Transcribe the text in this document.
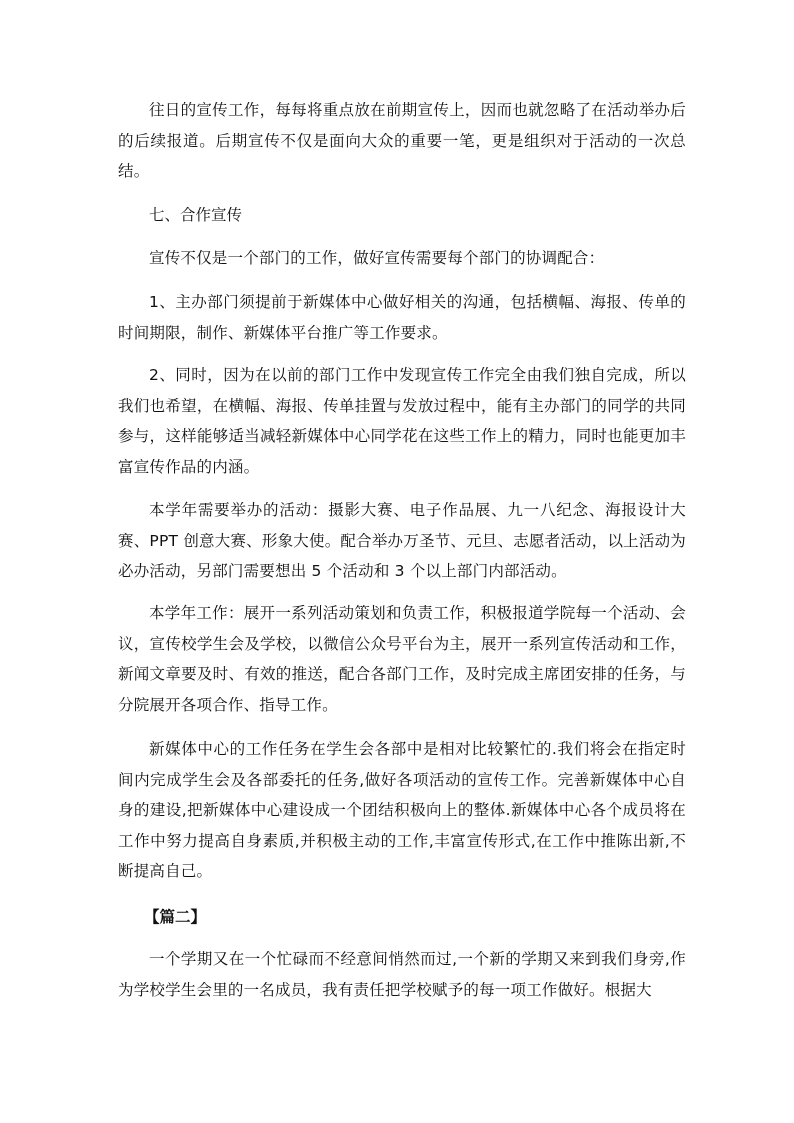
往日的宣传工作，每每将重点放在前期宣传上，因而也就忽略了在活动举办后的后续报道。后期宣传不仅是面向大众的重要一笔，更是组织对于活动的一次总结。

七、合作宣传

宣传不仅是一个部门的工作，做好宣传需要每个部门的协调配合：

1、主办部门须提前于新媒体中心做好相关的沟通，包括横幅、海报、传单的时间期限，制作、新媒体平台推广等工作要求。

2、同时，因为在以前的部门工作中发现宣传工作完全由我们独自完成，所以我们也希望，在横幅、海报、传单挂置与发放过程中，能有主办部门的同学的共同参与，这样能够适当减轻新媒体中心同学花在这些工作上的精力，同时也能更加丰富宣传作品的内涵。

本学年需要举办的活动：摄影大赛、电子作品展、九一八纪念、海报设计大赛、PPT 创意大赛、形象大使。配合举办万圣节、元旦、志愿者活动，以上活动为必办活动，另部门需要想出 5 个活动和 3 个以上部门内部活动。

本学年工作：展开一系列活动策划和负责工作，积极报道学院每一个活动、会议，宣传校学生会及学校，以微信公众号平台为主，展开一系列宣传活动和工作，新闻文章要及时、有效的推送，配合各部门工作，及时完成主席团安排的任务，与分院展开各项合作、指导工作。

新媒体中心的工作任务在学生会各部中是相对比较繁忙的.我们将会在指定时间内完成学生会及各部委托的任务,做好各项活动的宣传工作。完善新媒体中心自身的建设,把新媒体中心建设成一个团结积极向上的整体.新媒体中心各个成员将在工作中努力提高自身素质,并积极主动的工作,丰富宣传形式,在工作中推陈出新,不断提高自己。

【篇二】

一个学期又在一个忙碌而不经意间悄然而过,一个新的学期又来到我们身旁,作为学校学生会里的一名成员，我有责任把学校赋予的每一项工作做好。根据大
